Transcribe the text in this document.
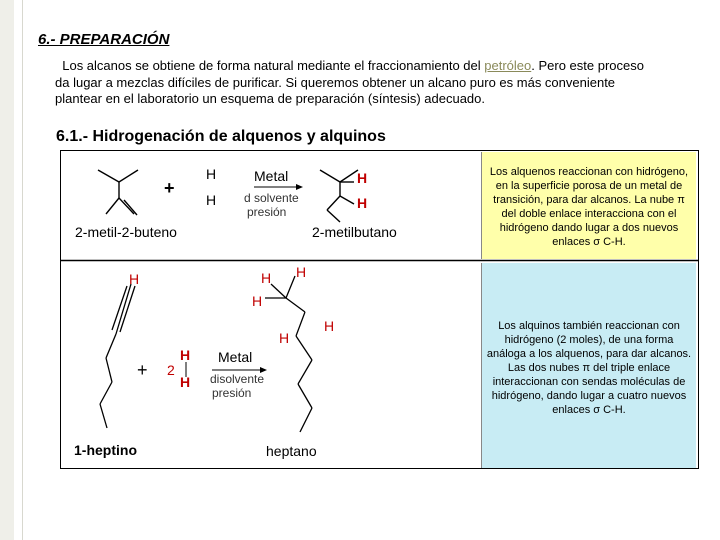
6.- PREPARACIÓN
Los alcanos se obtiene de forma natural mediante el fraccionamiento del petróleo. Pero este proceso da lugar a mezclas difíciles de purificar. Si queremos obtener un alcano puro es más conveniente plantear en el laboratorio un esquema de preparación (síntesis) adecuado.
6.1.- Hidrogenación de alquenos y alquinos
+
H
H
Metal
d solvente
presión
H
H
2-metil-2-buteno	2-metilbutano
H
+ 2
H
H
Metal
disolvente
presión
H H
H
H
H
1-heptino	heptano
Los alquenos reaccionan con hidrógeno, en la superficie porosa de un metal de transición, para dar alcanos. La nube π del doble enlace interacciona con el hidrógeno dando lugar a dos nuevos enlaces σ C-H.
Los alquinos también reaccionan con hidrógeno (2 moles), de una forma análoga a los alquenos, para dar alcanos. Las dos nubes π del triple enlace interaccionan con sendas moléculas de hidrógeno, dando lugar a cuatro nuevos enlaces σ C-H.
